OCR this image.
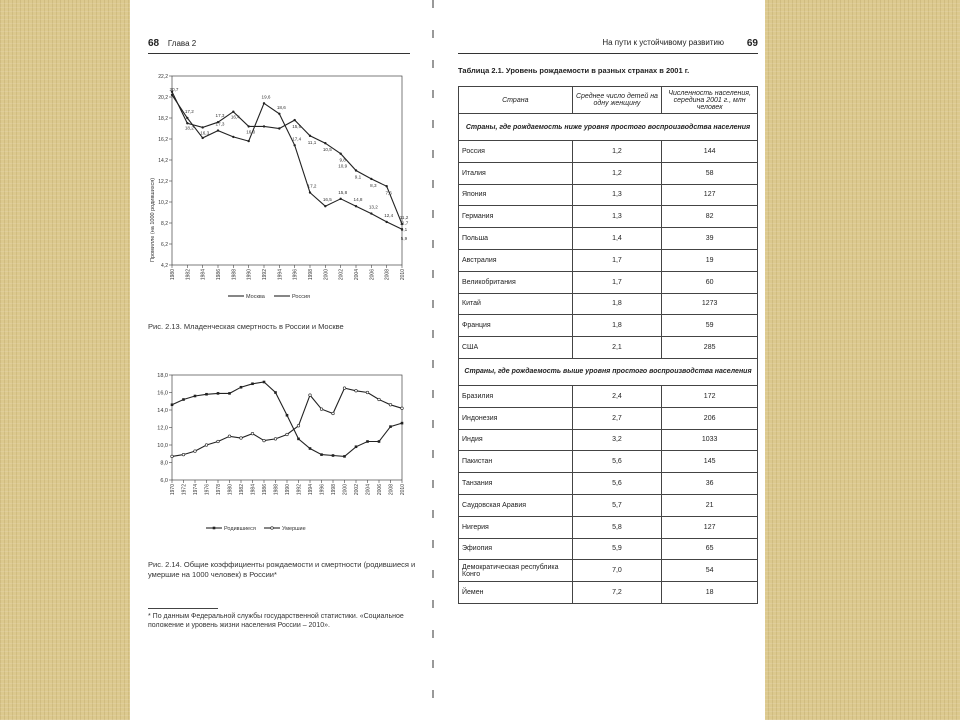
68 Глава 2
Промилле (на 1000 родившихся)
4,2
6,2
8,2
10,2
12,2
14,2
16,2
18,2
20,2
22,2
1980 1982 1984 1986 1988 1990 1992 1994 1996 1998 2000 2002 2004 2006 2008 2010
20,7
17,2
18,2
17,3
16,3
17,3 16,4
16,0
19,6
18,6
17,4
17,2
15,6
16,5
15,8
14,8
13,2
12,4
11,7
11,2
11,1
10,5
9,8
9,1
8,3
7,6
10,9
8,1
5,9
Москва	Россия
Рис. 2.13. Младенческая смертность в России и Москве
6,0
8,0
10,0
12,0
14,0
16,0
18,0
1970 1972 1974 1976 1978 1980 1982 1984 1986 1988 1990 1992 1994 1996 1998 2000 2002 2004 2006 2008 2010
Родившиеся	Умершие
Рис. 2.14. Общие коэффициенты рождаемости и смертности (родившиеся и умершие на 1000 человек) в России*
* По данным Федеральной службы государственной статистики. «Социальное положение и уровень жизни населения России – 2010».
На пути к устойчивому развитию 69
Таблица 2.1. Уровень рождаемости в разных странах в 2001 г.
Страна	Среднее число детей на одну женщину	Численность населения, середина 2001 г., млн человек
Страны, где рождаемость ниже уровня простого воспроизводства населения		
Россия	1,2	144
Италия	1,2	58
Япония	1,3	127
Германия	1,3	82
Польша	1,4	39
Австралия	1,7	19
Великобритания	1,7	60
Китай	1,8	1273
Франция	1,8	59
США	2,1	285
Страны, где рождаемость выше уровня простого воспроизводства населения		
Бразилия	2,4	172
Индонезия	2,7	206
Индия	3,2	1033
Пакистан	5,6	145
Танзания	5,6	36
Саудовская Аравия	5,7	21
Нигерия	5,8	127
Эфиопия	5,9	65
Демократическая республика Конго	7,0	54
Йемен	7,2	18
